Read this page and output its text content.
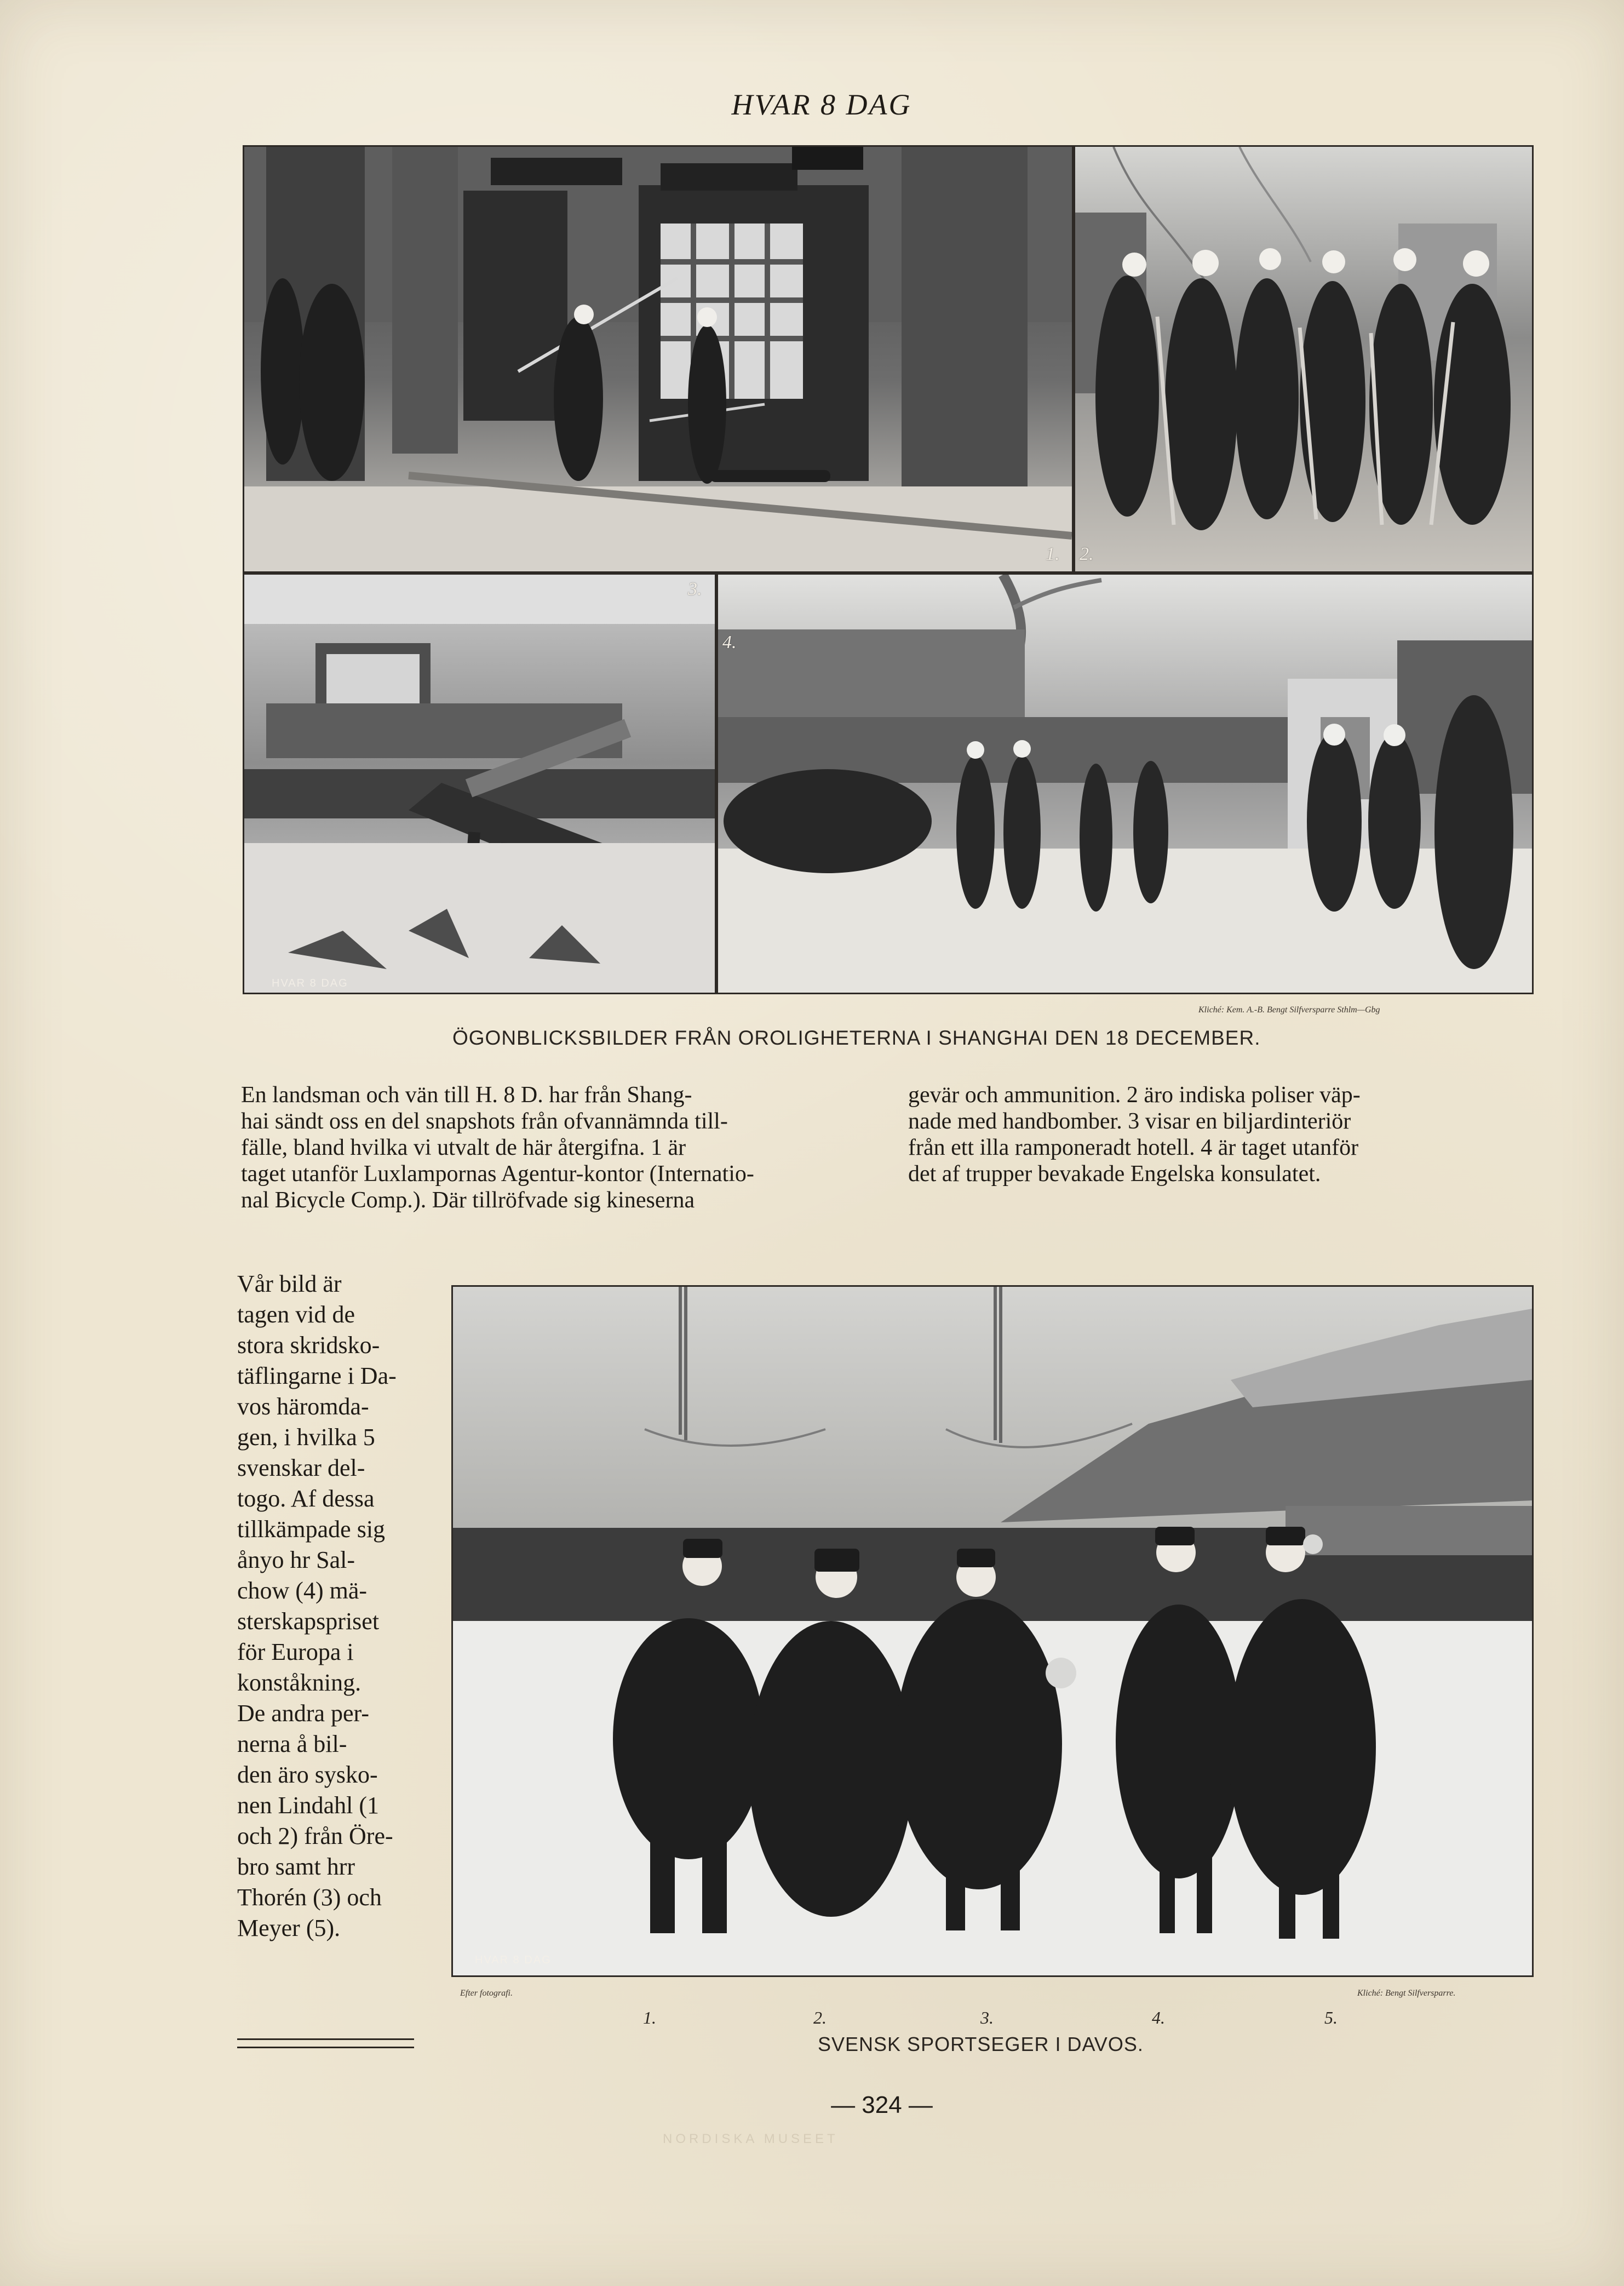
HVAR 8 DAG
1. 2.
3.
HVAR 8 DAG
4.
Kliché: Kem. A.-B. Bengt Silfversparre Sthlm—Gbg
ÖGONBLICKSBILDER FRÅN OROLIGHETERNA I SHANGHAI DEN 18 DECEMBER.

En landsman och vän till H. 8 D. har från Shang-
hai sändt oss en del snapshots från ofvannämnda till-
fälle, bland hvilka vi utvalt de här återgifna. 1 är
taget utanför Luxlampornas Agentur-kontor (Internatio-
nal Bicycle Comp.). Där tillröfvade sig kineserna

gevär och ammunition. 2 äro indiska poliser väp-
nade med handbomber. 3 visar en biljardinteriör
från ett illa ramponeradt hotell. 4 är taget utanför
det af trupper bevakade Engelska konsulatet.

Vår bild är
tagen vid de
stora skridsko-
täflingarne i Da-
vos häromda-
gen, i hvilka 5
svenskar del-
togo. Af dessa
tillkämpade sig
ånyo hr Sal-
chow (4) mä-
sterskapspriset
för Europa i
konståkning.
De andra per-
nerna å bil-
den äro sysko-
nen Lindahl (1
och 2) från Öre-
bro samt hrr
Thorén (3) och
Meyer (5).

HVAR 8 DAG
Efter fotografi.	Kliché: Bengt Silfversparre.
1.	2.	3.	4.	5.
SVENSK SPORTSEGER I DAVOS.
— 324 —
NORDISKA MUSEET
